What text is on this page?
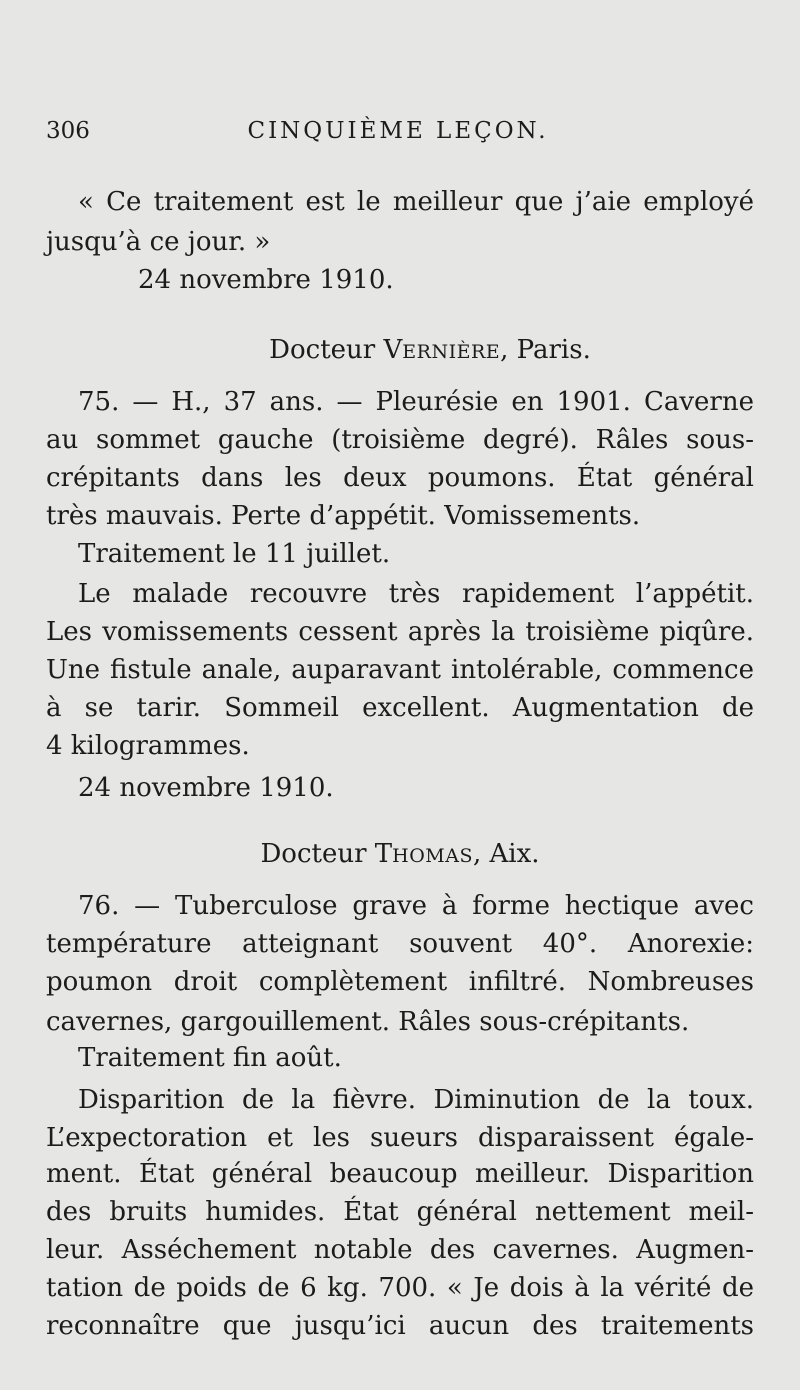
306	CINQUIÈME LEÇON.
« Ce traitement est le meilleur que j’aie employé
jusqu’à ce jour. »
24 novembre 1910.
Docteur VERNIÈRE, Paris.
75. — H., 37 ans. — Pleurésie en 1901. Caverne
au sommet gauche (troisième degré). Râles sous-
crépitants dans les deux poumons. État général
très mauvais. Perte d’appétit. Vomissements.
Traitement le 11 juillet.
Le malade recouvre très rapidement l’appétit.
Les vomissements cessent après la troisième piqûre.
Une fistule anale, auparavant intolérable, commence
à se tarir. Sommeil excellent. Augmentation de
4 kilogrammes.
24 novembre 1910.
Docteur THOMAS, Aix.
76. — Tuberculose grave à forme hectique avec
température atteignant souvent 40°. Anorexie:
poumon droit complètement infiltré. Nombreuses
cavernes, gargouillement. Râles sous-crépitants.
Traitement fin août.
Disparition de la fièvre. Diminution de la toux.
L’expectoration et les sueurs disparaissent égale-
ment. État général beaucoup meilleur. Disparition
des bruits humides. État général nettement meil-
leur. Asséchement notable des cavernes. Augmen-
tation de poids de 6 kg. 700. « Je dois à la vérité de
reconnaître que jusqu’ici aucun des traitements
